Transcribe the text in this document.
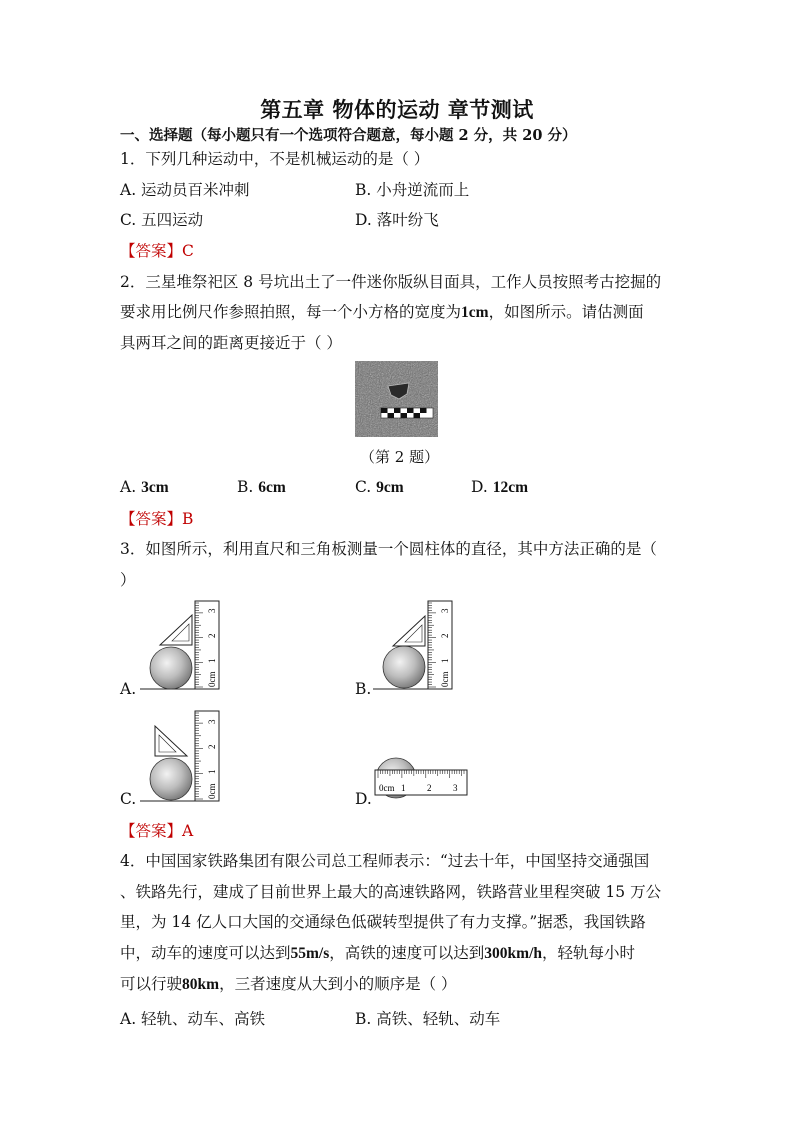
第五章 物体的运动 章节测试
一、选择题（每小题只有一个选项符合题意，每小题 2 分，共 20 分）
1．下列几种运动中，不是机械运动的是（ ）
A. 运动员百米冲刺	B. 小舟逆流而上
C. 五四运动	D. 落叶纷飞
【答案】C
2．三星堆祭祀区 8 号坑出土了一件迷你版纵目面具，工作人员按照考古挖掘的
要求用比例尺作参照拍照，每一个小方格的宽度为1cm，如图所示。请估测面
具两耳之间的距离更接近于（ ）
（第 2 题）
A. 3cm	B. 6cm	C. 9cm	D. 12cm
【答案】B
3．如图所示，利用直尺和三角板测量一个圆柱体的直径，其中方法正确的是（
）
0cm
1
2
3
A.
0cm
1
2
3
B.
0cm
1
2
3
C.
0cm 1 2 3
D.
【答案】A
4．中国国家铁路集团有限公司总工程师表示：“过去十年，中国坚持交通强国
、铁路先行，建成了目前世界上最大的高速铁路网，铁路营业里程突破 15 万公
里，为 14 亿人口大国的交通绿色低碳转型提供了有力支撑。”据悉，我国铁路
中，动车的速度可以达到55m/s，高铁的速度可以达到300km/h，轻轨每小时
可以行驶80km，三者速度从大到小的顺序是（ ）
A. 轻轨、动车、高铁	B. 高铁、轻轨、动车
